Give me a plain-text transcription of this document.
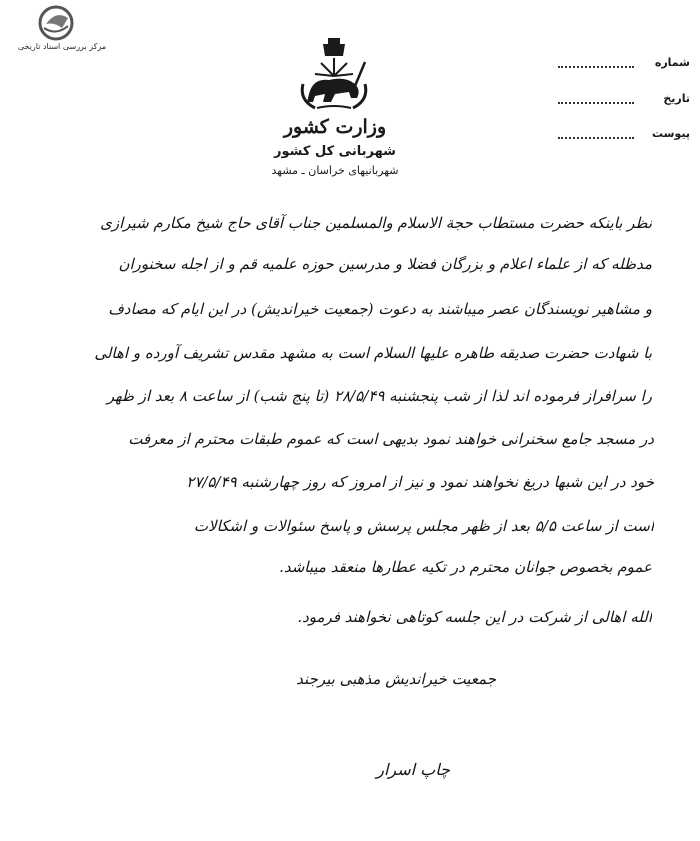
مرکز بررسی اسناد تاریخی
وزارت کشور
شهربانی کل کشور
شهربانیهای خراسان ـ مشهد
شماره
تاریخ
پیوست
نظر باینکه حضرت مستطاب حجة الاسلام والمسلمین جناب آقای حاج شیخ مکارم شیرازی
مدظله که از علماء اعلام و بزرگان فضلا و مدرسین حوزه علمیه قم و از اجله سخنوران
و مشاهیر نویسندگان عصر میباشند به دعوت (جمعیت خیراندیش) در این ایام که مصادف
با شهادت حضرت صدیقه طاهره علیها السلام است به مشهد مقدس تشریف آورده و اهالی
را سرافراز فرموده اند لذا از شب پنجشنبه ۲۸/۵/۴۹ (تا پنج شب) از ساعت ۸ بعد از ظهر
در مسجد جامع سخنرانی خواهند نمود بدیهی است که عموم طبقات محترم از معرفت
خود در این شبها دریغ نخواهند نمود و نیز از امروز که روز چهارشنبه ۲۷/۵/۴۹
است از ساعت ۵/۵ بعد از ظهر مجلس پرسش و پاسخ سئوالات و اشکالات
عموم بخصوص جوانان محترم در تکیه عطارها منعقد میباشد.
الله اهالی از شرکت در این جلسه کوتاهی نخواهند فرمود.
جمعیت خیراندیش مذهبی بیرجند
چاپ اسرار
